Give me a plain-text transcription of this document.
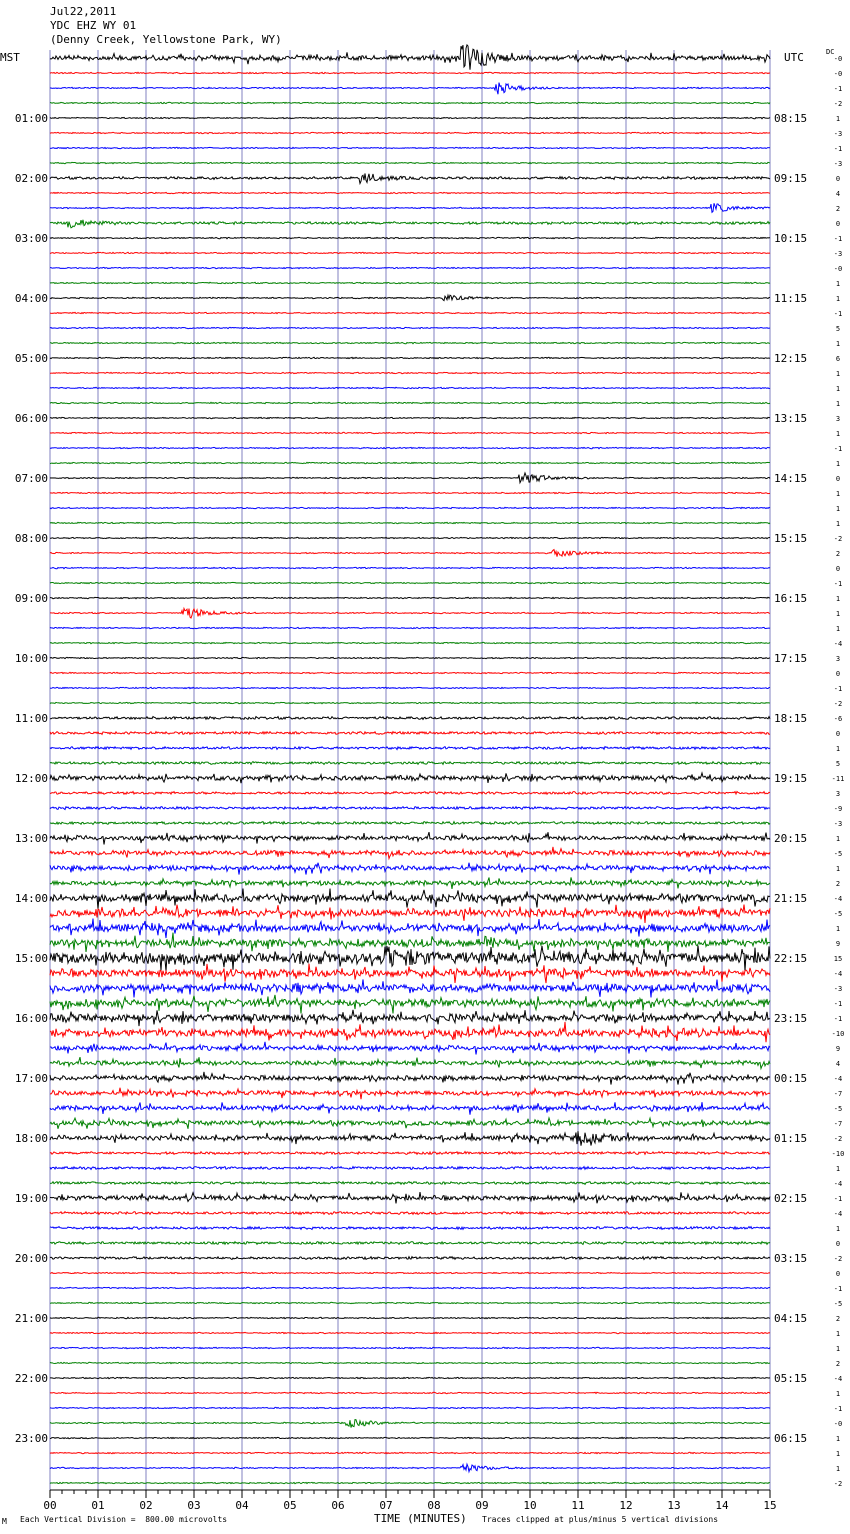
Jul22,2011
YDC EHZ WY 01
(Denny Creek, Yellowstone Park, WY)
MST	UTC	DC
-0
-0
-1
-2
1
-3
-1
-3
0
4
2
0
-1
-3
-0
1
1
-1
5
1
6
1
1
1
3
1
-1
1
0
1
1
1
-2
2
0
-1
1
1
1
-4
3
0
-1
-2
-6
0
1
5
-11
3
-9
-3
1
-5
1
2
-4
-5
1
9
15
-4
-3
-1
-1
-10
9
4
-4
-7
-5
-7
-2
-10
1
-4
-1
-4
1
0
-2
0
-1
-5
2
1
1
2
-4
1
-1
-0
1
1
1
-2
01:00	08:15
02:00	09:15
03:00	10:15
04:00	11:15
05:00	12:15
06:00	13:15
07:00	14:15
08:00	15:15
09:00	16:15
10:00	17:15
11:00	18:15
12:00	19:15
13:00	20:15
14:00	21:15
15:00	22:15
16:00	23:15
17:00	00:15
18:00	01:15
19:00	02:15
20:00	03:15
21:00	04:15
22:00	05:15
23:00	06:15
00	01	02	03	04	05	06	07	08	09	10	11	12	13	14	15
M Each Vertical Division =  800.00 microvolts	TIME (MINUTES) Traces clipped at plus/minus 5 vertical divisions
